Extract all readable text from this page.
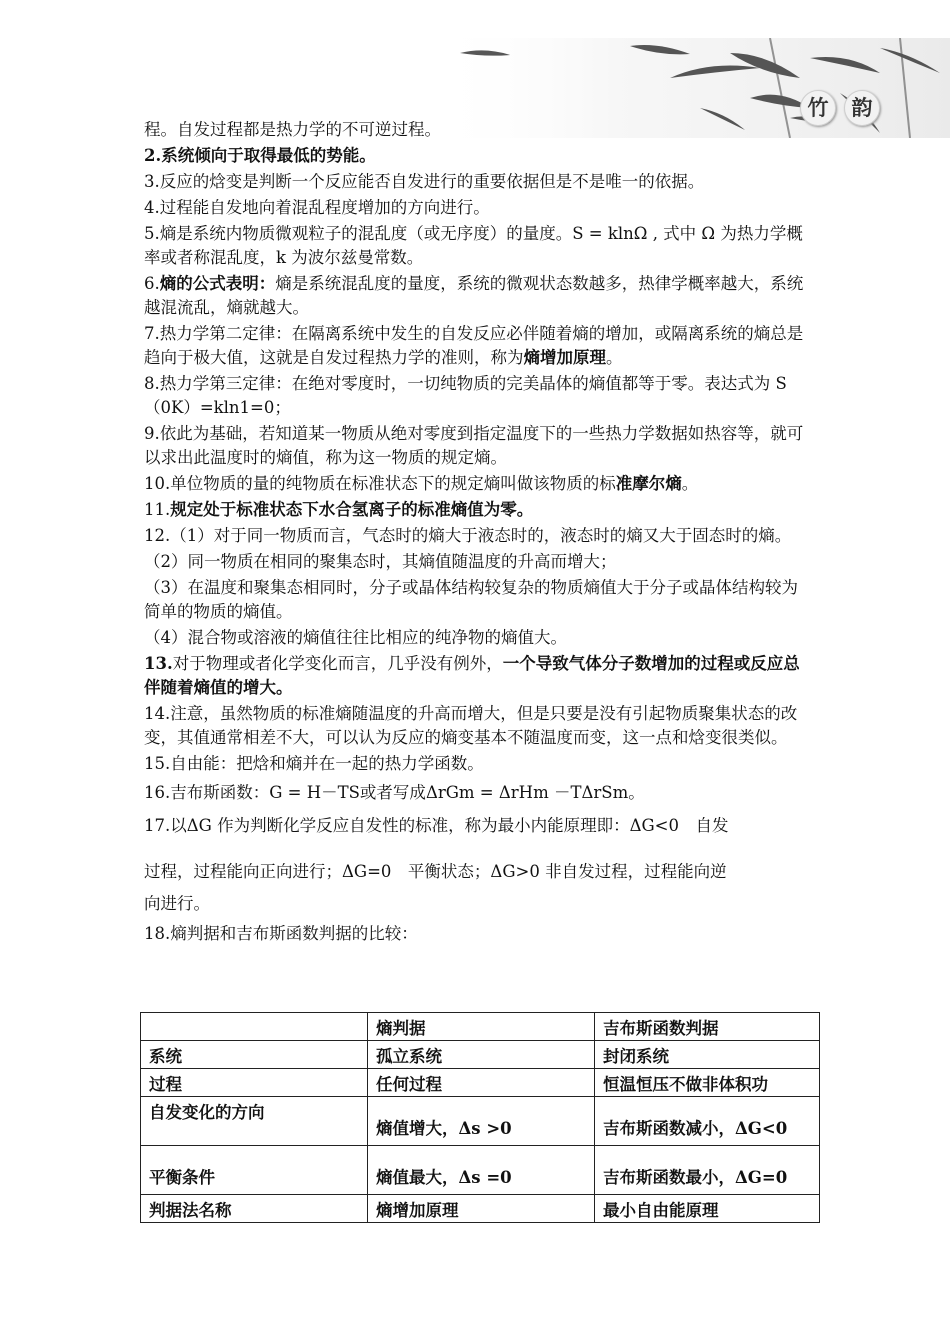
竹	韵

程。自发过程都是热力学的不可逆过程。

2.系统倾向于取得最低的势能。

3.反应的焓变是判断一个反应能否自发进行的重要依据但是不是唯一的依据。

4.过程能自发地向着混乱程度增加的方向进行。

5.熵是系统内物质微观粒子的混乱度（或无序度）的量度。S = klnΩ , 式中 Ω 为热力学概率或者称混乱度，k 为波尔兹曼常数。

6.熵的公式表明：熵是系统混乱度的量度，系统的微观状态数越多，热律学概率越大，系统越混流乱，熵就越大。

7.热力学第二定律：在隔离系统中发生的自发反应必伴随着熵的增加，或隔离系统的熵总是趋向于极大值，这就是自发过程热力学的准则，称为熵增加原理。

8.热力学第三定律：在绝对零度时，一切纯物质的完美晶体的熵值都等于零。表达式为 S（0K）=kln1=0；

9.依此为基础，若知道某一物质从绝对零度到指定温度下的一些热力学数据如热容等，就可以求出此温度时的熵值，称为这一物质的规定熵。

10.单位物质的量的纯物质在标准状态下的规定熵叫做该物质的标准摩尔熵。

11.规定处于标准状态下水合氢离子的标准熵值为零。

12.（1）对于同一物质而言，气态时的熵大于液态时的，液态时的熵又大于固态时的熵。

（2）同一物质在相同的聚集态时，其熵值随温度的升高而增大；

（3）在温度和聚集态相同时，分子或晶体结构较复杂的物质熵值大于分子或晶体结构较为简单的物质的熵值。

（4）混合物或溶液的熵值往往比相应的纯净物的熵值大。

13.对于物理或者化学变化而言，几乎没有例外，一个导致气体分子数增加的过程或反应总伴随着熵值的增大。

14.注意，虽然物质的标准熵随温度的升高而增大，但是只要是没有引起物质聚集状态的改变，其值通常相差不大，可以认为反应的熵变基本不随温度而变，这一点和焓变很类似。

15.自由能：把焓和熵并在一起的热力学函数。

16.吉布斯函数：G = H－TS或者写成ΔrGm = ΔrHm －TΔrSm。

17.以ΔG 作为判断化学反应自发性的标准，称为最小内能原理即：ΔG<0　自发
过程，过程能向正向进行；ΔG=0　平衡状态；ΔG>0 非自发过程，过程能向逆
向进行。

18.熵判据和吉布斯函数判据的比较：

	熵判据	吉布斯函数判据
系统	孤立系统	封闭系统
过程	任何过程	恒温恒压不做非体积功
自发变化的方向	熵值增大，Δs >0	吉布斯函数减小，ΔG<0
平衡条件	熵值最大，Δs =0	吉布斯函数最小，ΔG=0
判据法名称	熵增加原理	最小自由能原理
